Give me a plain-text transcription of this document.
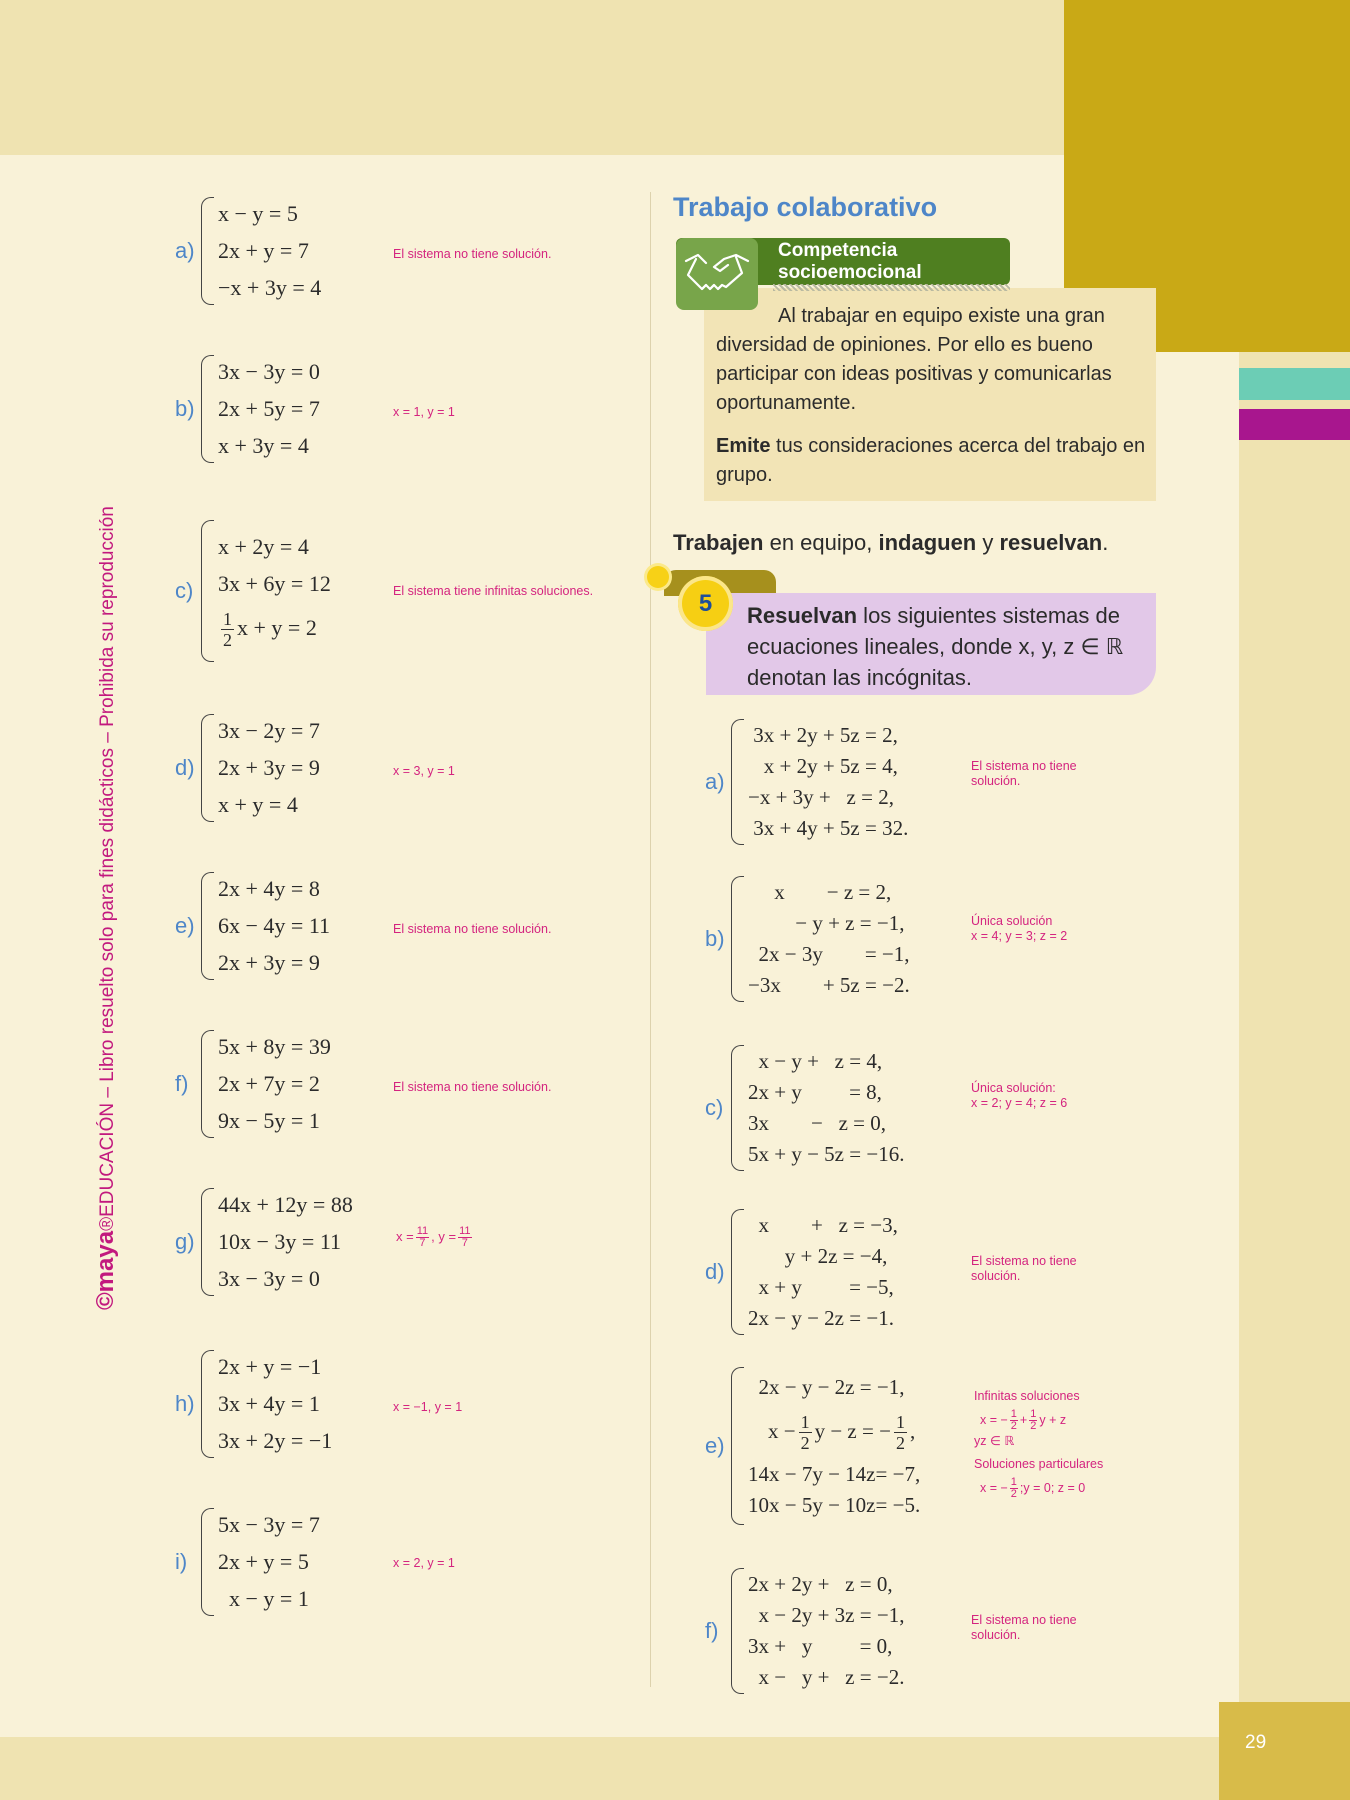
29
©maya®EDUCACIÓN – Libro resuelto solo para fines didácticos – Prohibida su reproducción
a)
x − y = 5
2x + y = 7
−x + 3y = 4
El sistema no tiene solución.
b)
3x − 3y = 0
2x + 5y = 7
x + 3y = 4
x = 1, y = 1
c)
x + 2y = 4
3x + 6y = 12
$\frac{1}{2}$ x + y = 2
El sistema tiene infinitas soluciones.
d)
3x − 2y = 7
2x + 3y = 9
x + y = 4
x = 3, y = 1
e)
2x + 4y = 8
6x − 4y = 11
2x + 3y = 9
El sistema no tiene solución.
f)
5x + 8y = 39
2x + 7y = 2
9x − 5y = 1
El sistema no tiene solución.
g)
44x + 12y = 88
10x − 3y = 11
3x − 3y = 0
$x = \frac{11}{7}$ , $y = \frac{11}{7}$
h)
2x + y = −1
3x + 4y = 1
3x + 2y = −1
x = −1, y = 1
i)
5x − 3y = 7
2x + y = 5
x − y = 1
x = 2, y = 1
Trabajo colaborativo
Competencia
socioemocional
Al trabajar en equipo existe una gran diversidad de opiniones. Por ello es bueno participar con ideas positivas y comunicarlas oportunamente.
Emite tus consideraciones acerca del trabajo en grupo.
Trabajen en equipo, indaguen y resuelvan.
5	Resuelvan los siguientes sistemas de ecuaciones lineales, donde x, y, z ∈ ℝ denotan las incógnitas.
a)
3x + 2y + 5z = 2,
x + 2y + 5z = 4,
−x + 3y +   z = 2,
3x + 4y + 5z = 32.
El sistema no tiene
solución.
b)
x        − z = 2,
− y + z = −1,
2x − 3y        = −1,
−3x        + 5z = −2.
Única solución
x = 4; y = 3; z = 2
c)
x − y +   z = 4,
2x + y         = 8,
3x        −   z = 0,
5x + y − 5z = −16.
Única solución:
x = 2; y = 4; z = 6
d)
x        +   z = −3,
y + 2z = −4,
x + y         = −5,
2x − y − 2z = −1.
El sistema no tiene
solución.
e)
2x − y − 2z = −1,
$x - \frac{1}{2}$ y − z = − $\frac{1}{2}$ ,
14x − 7y − 14z= −7,
10x − 5y − 10z= −5.
Infinitas soluciones
x = − $\frac{1}{2} + \frac{1}{2}$ y + z
yz ∈ ℝ
Soluciones particulares
x = − $\frac{1}{2}$ ;y = 0; z = 0
f)
2x + 2y +   z = 0,
x − 2y + 3z = −1,
3x +   y         = 0,
x −   y +   z = −2.
El sistema no tiene
solución.
